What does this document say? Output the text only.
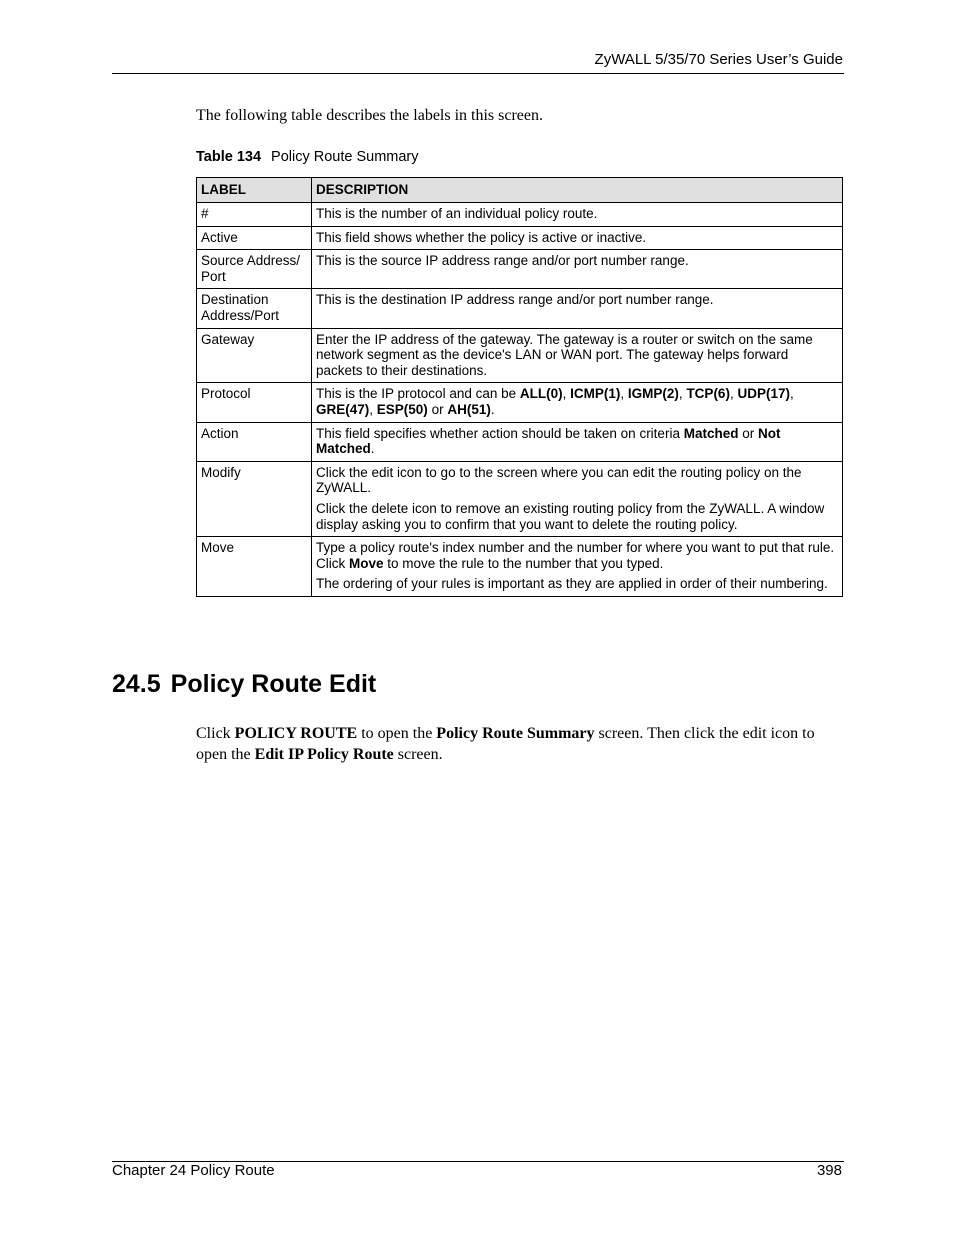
ZyWALL 5/35/70 Series User’s Guide
The following table describes the labels in this screen.
Table 134 Policy Route Summary
LABEL	DESCRIPTION
#	This is the number of an individual policy route.

Active	This field shows whether the policy is active or inactive.

Source Address/ Port	This is the source IP address range and/or port number range.

Destination Address/Port	This is the destination IP address range and/or port number range.

Gateway	Enter the IP address of the gateway. The gateway is a router or switch on the same network segment as the device's LAN or WAN port. The gateway helps forward packets to their destinations.

Protocol	This is the IP protocol and can be ALL(0), ICMP(1), IGMP(2), TCP(6), UDP(17), GRE(47), ESP(50) or AH(51).

Action	This field specifies whether action should be taken on criteria Matched or Not Matched.

Modify	Click the edit icon to go to the screen where you can edit the routing policy on the ZyWALL.

Click the delete icon to remove an existing routing policy from the ZyWALL. A window display asking you to confirm that you want to delete the routing policy.

Move	Type a policy route's index number and the number for where you want to put that rule. Click Move to move the rule to the number that you typed.

The ordering of your rules is important as they are applied in order of their numbering.

24.5 Policy Route Edit

Click POLICY ROUTE to open the Policy Route Summary screen. Then click the edit icon to open the Edit IP Policy Route screen.

Chapter 24 Policy Route	398
